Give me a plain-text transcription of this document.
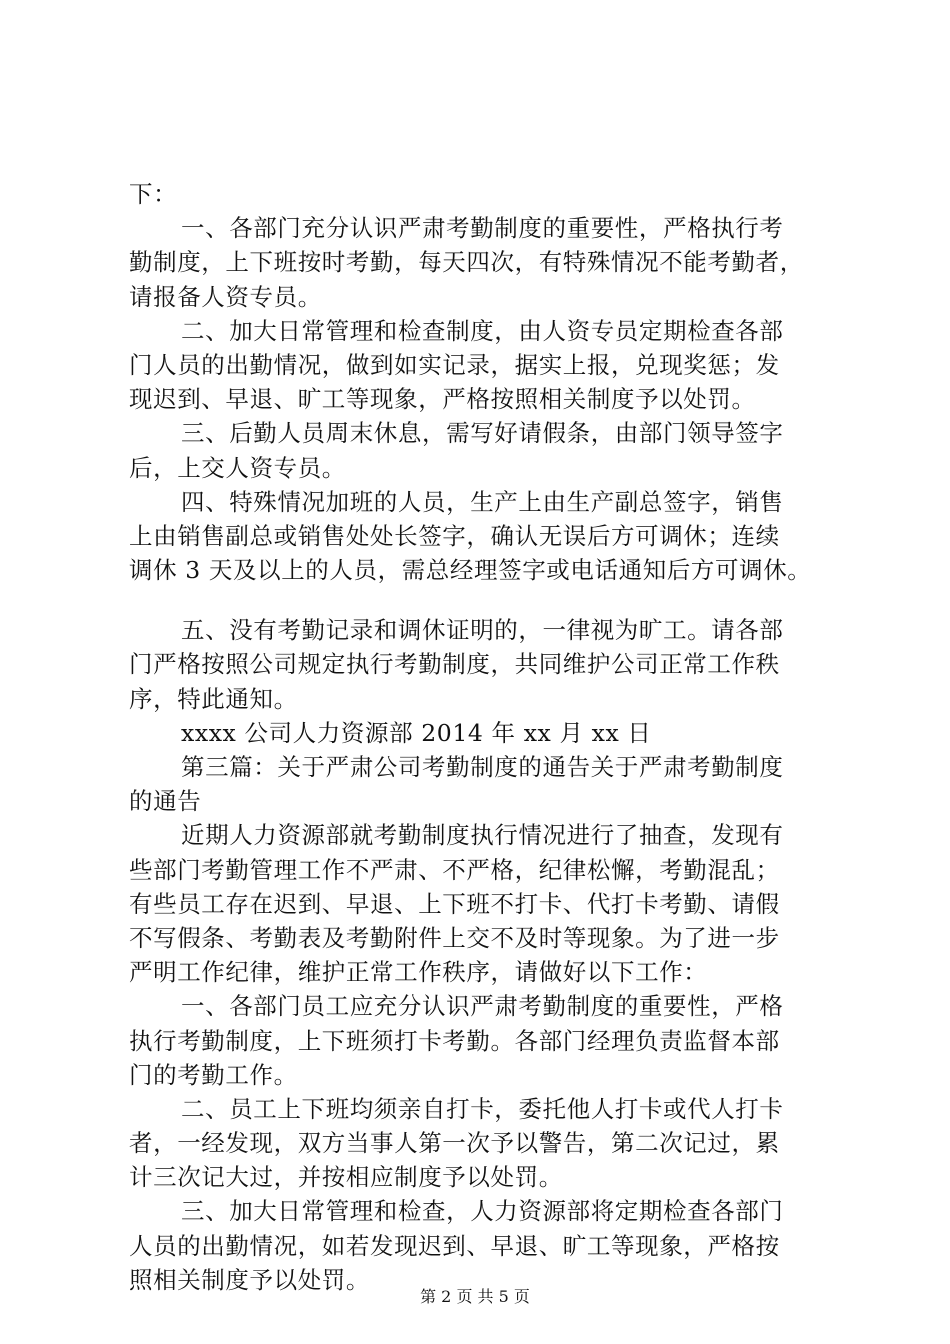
下：
一、各部门充分认识严肃考勤制度的重要性，严格执行考
勤制度，上下班按时考勤，每天四次，有特殊情况不能考勤者，
请报备人资专员。
二、加大日常管理和检查制度，由人资专员定期检查各部
门人员的出勤情况，做到如实记录，据实上报，兑现奖惩；发
现迟到、早退、旷工等现象，严格按照相关制度予以处罚。
三、后勤人员周末休息，需写好请假条，由部门领导签字
后，上交人资专员。
四、特殊情况加班的人员，生产上由生产副总签字，销售
上由销售副总或销售处处长签字，确认无误后方可调休；连续
调休 3 天及以上的人员，需总经理签字或电话通知后方可调休。
五、没有考勤记录和调休证明的，一律视为旷工。请各部
门严格按照公司规定执行考勤制度，共同维护公司正常工作秩
序，特此通知。
xxxx 公司人力资源部 2014 年 xx 月 xx 日
第三篇：关于严肃公司考勤制度的通告关于严肃考勤制度
的通告
近期人力资源部就考勤制度执行情况进行了抽查，发现有
些部门考勤管理工作不严肃、不严格，纪律松懈，考勤混乱；
有些员工存在迟到、早退、上下班不打卡、代打卡考勤、请假
不写假条、考勤表及考勤附件上交不及时等现象。为了进一步
严明工作纪律，维护正常工作秩序，请做好以下工作：
一、各部门员工应充分认识严肃考勤制度的重要性，严格
执行考勤制度，上下班须打卡考勤。各部门经理负责监督本部
门的考勤工作。
二、员工上下班均须亲自打卡，委托他人打卡或代人打卡
者，一经发现，双方当事人第一次予以警告，第二次记过，累
计三次记大过，并按相应制度予以处罚。
三、加大日常管理和检查，人力资源部将定期检查各部门
人员的出勤情况，如若发现迟到、早退、旷工等现象，严格按
照相关制度予以处罚。
第 2 页 共 5 页
